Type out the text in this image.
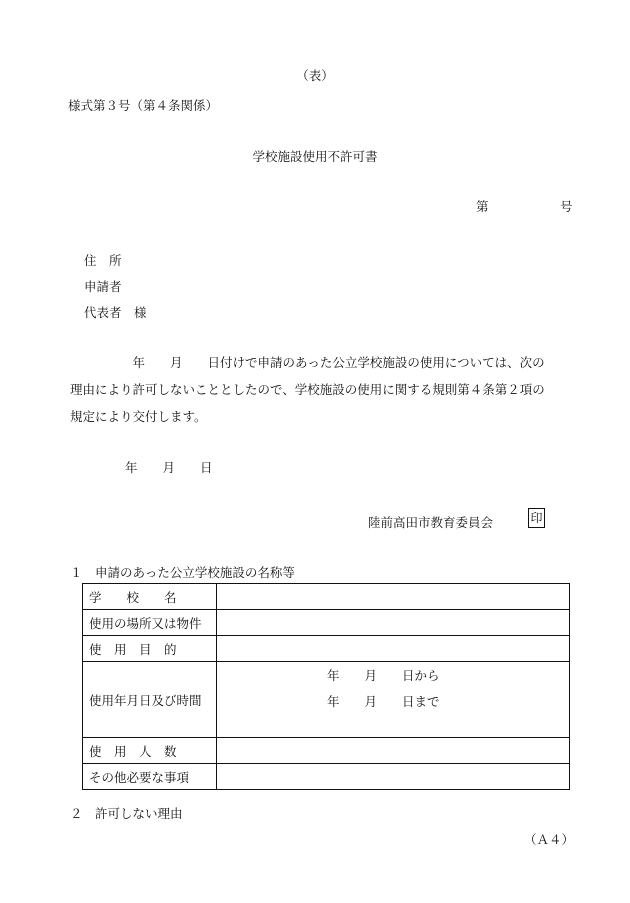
（表）
様式第３号（第４条関係）
学校施設使用不許可書
第	号
住　所
申請者
代表者　様
　　　　　年　　月　　日付けで申請のあった公立学校施設の使用については、次の
理由により許可しないこととしたので、学校施設の使用に関する規則第４条第２項の
規定により交付します。
年　　月　　日
陸前高田市教育委員会	印
１　申請のあった公立学校施設の名称等
学　　校　　名	
使用の場所又は物件	
使　用　目　的	
使用年月日及び時間	年　　月　　日から
年　　月　　日まで

使　用　人　数	
その他必要な事項	
２　許可しない理由
（Ａ４）
